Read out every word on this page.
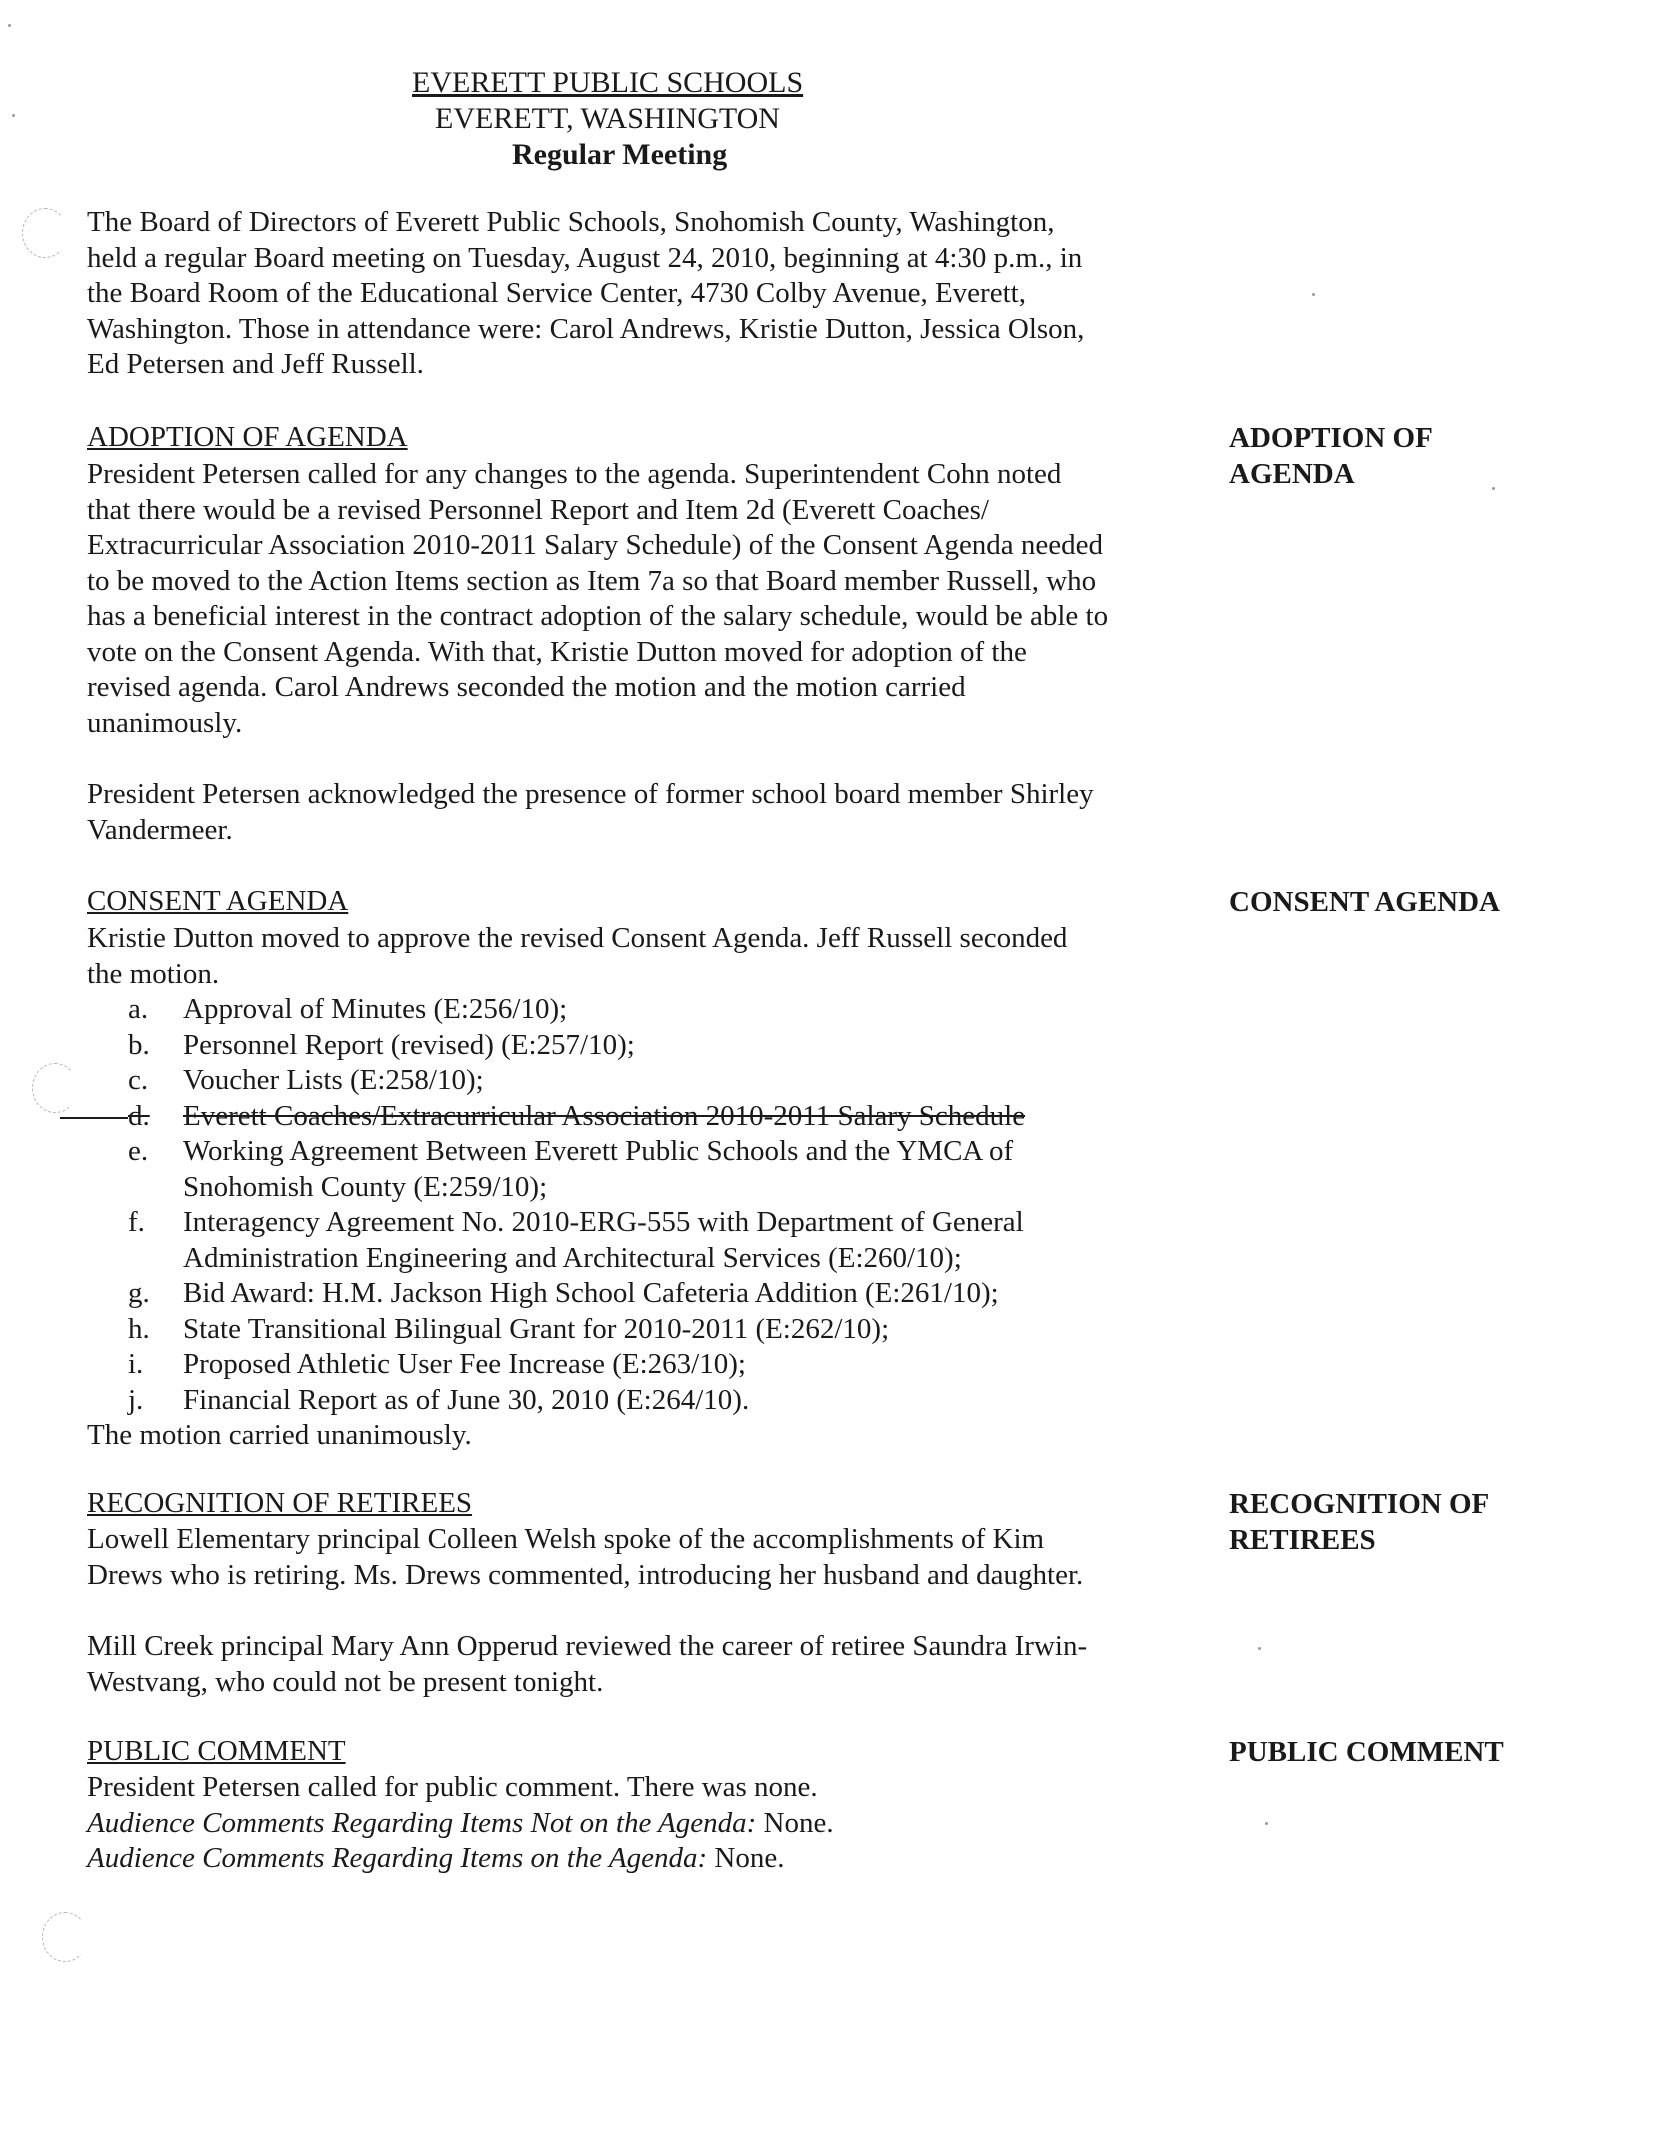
EVERETT PUBLIC SCHOOLS
EVERETT, WASHINGTON
Regular Meeting

The Board of Directors of Everett Public Schools, Snohomish County, Washington,

held a regular Board meeting on Tuesday, August 24, 2010, beginning at 4:30 p.m., in

the Board Room of the Educational Service Center, 4730 Colby Avenue, Everett,

Washington. Those in attendance were: Carol Andrews, Kristie Dutton, Jessica Olson,

Ed Petersen and Jeff Russell.

ADOPTION OF AGENDA	ADOPTION OF
AGENDA

President Petersen called for any changes to the agenda. Superintendent Cohn noted

that there would be a revised Personnel Report and Item 2d (Everett Coaches/

Extracurricular Association 2010-2011 Salary Schedule) of the Consent Agenda needed

to be moved to the Action Items section as Item 7a so that Board member Russell, who

has a beneficial interest in the contract adoption of the salary schedule, would be able to

vote on the Consent Agenda. With that, Kristie Dutton moved for adoption of the

revised agenda. Carol Andrews seconded the motion and the motion carried

unanimously.

President Petersen acknowledged the presence of former school board member Shirley

Vandermeer.

CONSENT AGENDA	CONSENT AGENDA

Kristie Dutton moved to approve the revised Consent Agenda. Jeff Russell seconded

the motion.

a.	Approval of Minutes (E:256/10);
b.	Personnel Report (revised) (E:257/10);
c.	Voucher Lists (E:258/10);
d.	Everett Coaches/Extracurricular Association 2010-2011 Salary Schedule
e.	Working Agreement Between Everett Public Schools and the YMCA of
Snohomish County (E:259/10);
f.	Interagency Agreement No. 2010-ERG-555 with Department of General
Administration Engineering and Architectural Services (E:260/10);
g.	Bid Award: H.M. Jackson High School Cafeteria Addition (E:261/10);
h.	State Transitional Bilingual Grant for 2010-2011 (E:262/10);
i.	Proposed Athletic User Fee Increase (E:263/10);
j.	Financial Report as of June 30, 2010 (E:264/10).
The motion carried unanimously.
RECOGNITION OF RETIREES	RECOGNITION OF
RETIREES

Lowell Elementary principal Colleen Welsh spoke of the accomplishments of Kim

Drews who is retiring. Ms. Drews commented, introducing her husband and daughter.

Mill Creek principal Mary Ann Opperud reviewed the career of retiree Saundra Irwin-

Westvang, who could not be present tonight.

PUBLIC COMMENT	PUBLIC COMMENT

President Petersen called for public comment. There was none.

Audience Comments Regarding Items Not on the Agenda: None.

Audience Comments Regarding Items on the Agenda: None.
